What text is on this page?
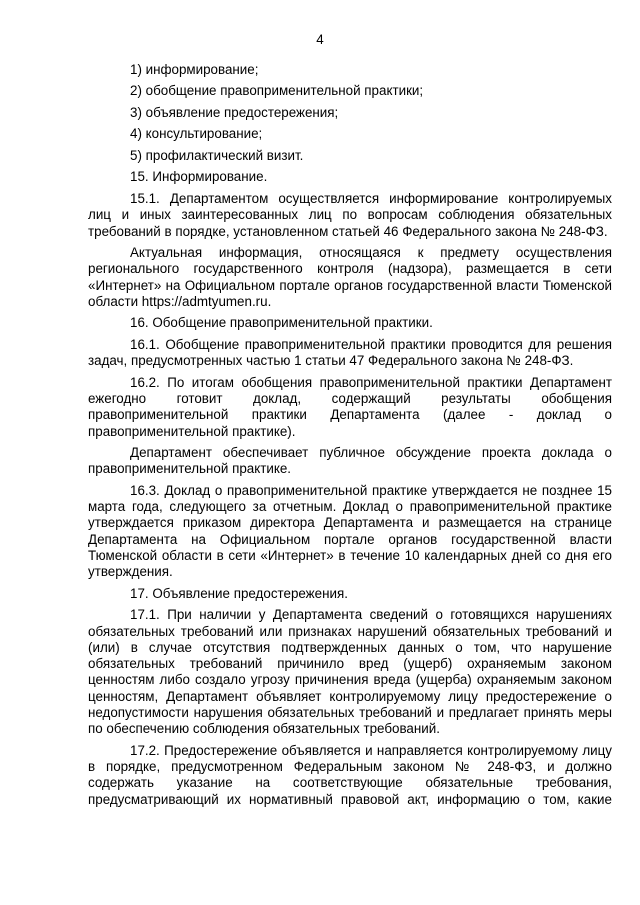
4
1) информирование;
2) обобщение правоприменительной практики;
3) объявление предостережения;
4) консультирование;
5) профилактический визит.
15. Информирование.
15.1. Департаментом осуществляется информирование контролируемых лиц и иных заинтересованных лиц по вопросам соблюдения обязательных требований в порядке, установленном статьей 46 Федерального закона № 248-ФЗ.
Актуальная информация, относящаяся к предмету осуществления регионального государственного контроля (надзора), размещается в сети «Интернет» на Официальном портале органов государственной власти Тюменской области https://admtyumen.ru.
16. Обобщение правоприменительной практики.
16.1. Обобщение правоприменительной практики проводится для решения задач, предусмотренных частью 1 статьи 47 Федерального закона № 248-ФЗ.
16.2. По итогам обобщения правоприменительной практики Департамент ежегодно готовит доклад, содержащий результаты обобщения правоприменительной практики Департамента (далее - доклад о правоприменительной практике).
Департамент обеспечивает публичное обсуждение проекта доклада о правоприменительной практике.
16.3. Доклад о правоприменительной практике утверждается не позднее 15 марта года, следующего за отчетным. Доклад о правоприменительной практике утверждается приказом директора Департамента и размещается на странице Департамента на Официальном портале органов государственной власти Тюменской области в сети «Интернет» в течение 10 календарных дней со дня его утверждения.
17. Объявление предостережения.
17.1. При наличии у Департамента сведений о готовящихся нарушениях обязательных требований или признаках нарушений обязательных требований и (или) в случае отсутствия подтвержденных данных о том, что нарушение обязательных требований причинило вред (ущерб) охраняемым законом ценностям либо создало угрозу причинения вреда (ущерба) охраняемым законом ценностям, Департамент объявляет контролируемому лицу предостережение о недопустимости нарушения обязательных требований и предлагает принять меры по обеспечению соблюдения обязательных требований.
17.2. Предостережение объявляется и направляется контролируемому лицу в порядке, предусмотренном Федеральным законом № 248-ФЗ, и должно содержать указание на соответствующие обязательные требования, предусматривающий их нормативный правовой акт, информацию о том, какие
